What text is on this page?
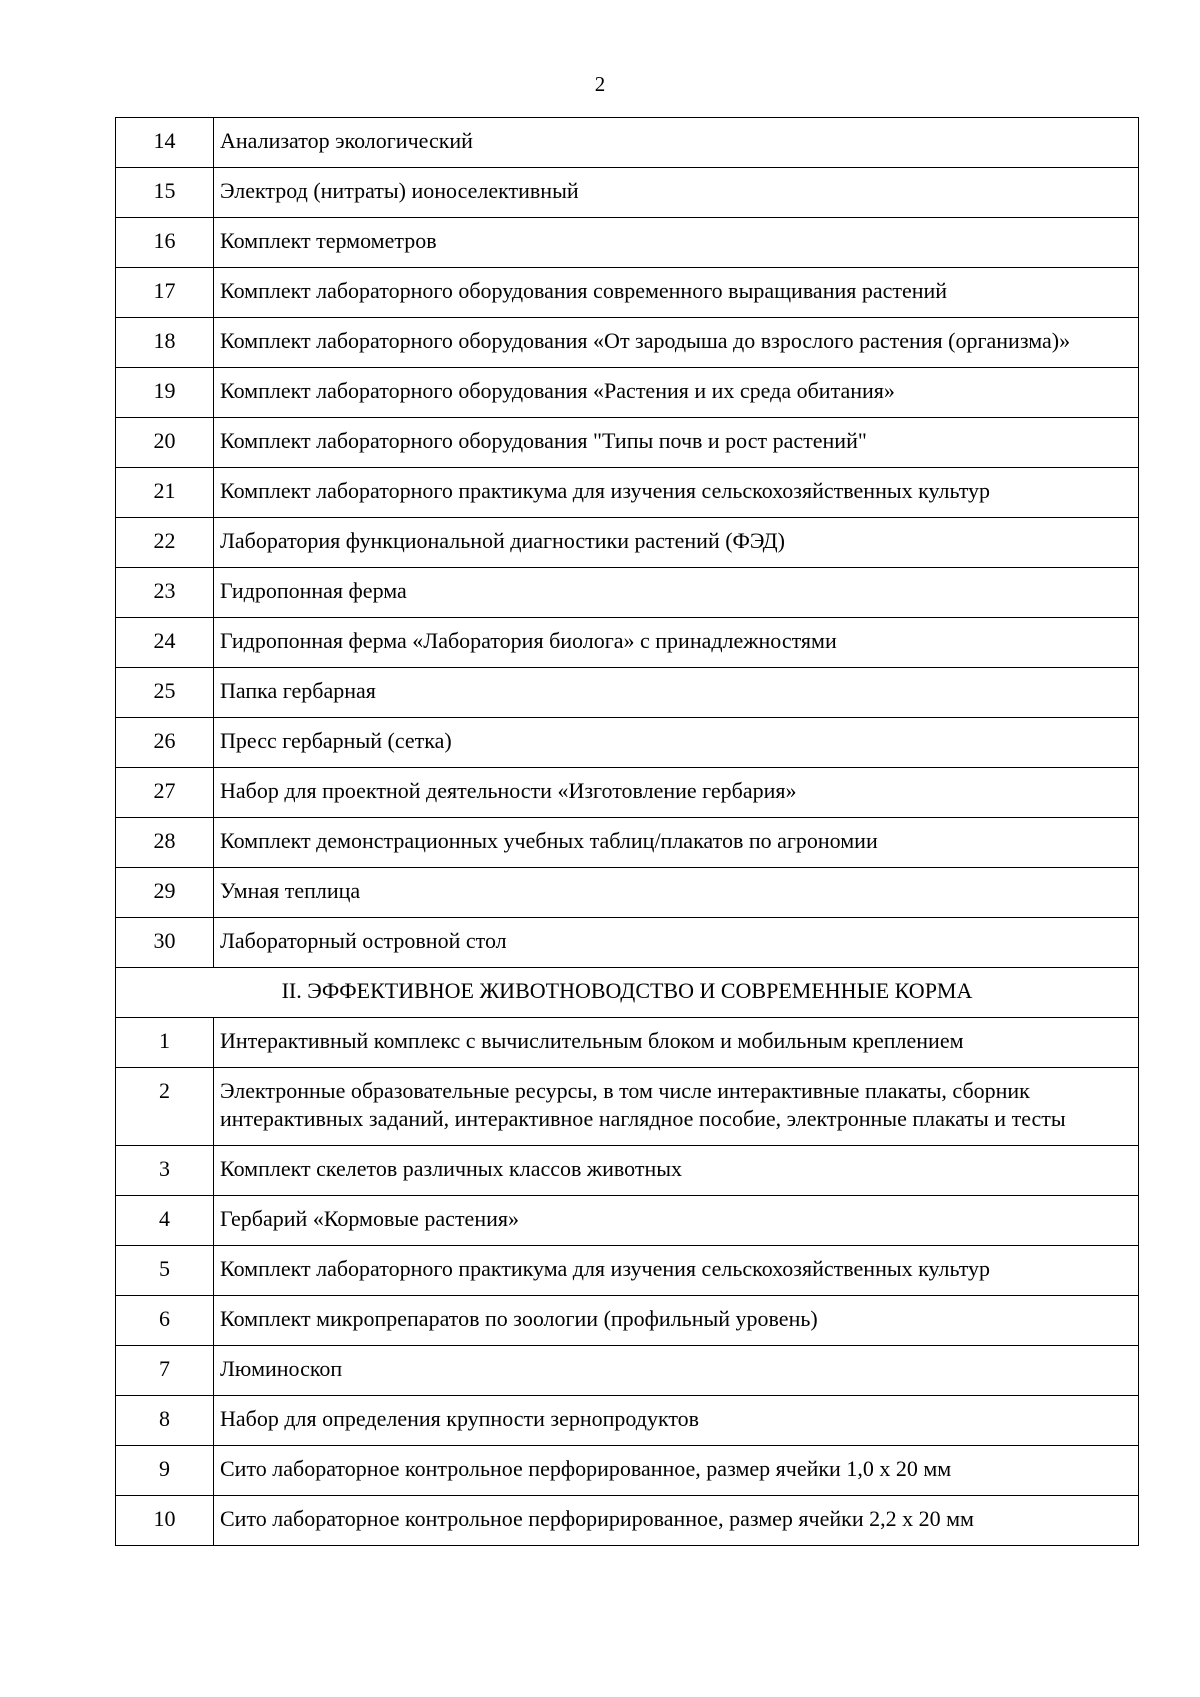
2
14	Анализатор экологический
15	Электрод (нитраты) ионоселективный
16	Комплект термометров
17	Комплект лабораторного оборудования современного выращивания растений
18	Комплект лабораторного оборудования «От зародыша до взрослого растения (организма)»
19	Комплект лабораторного оборудования «Растения и их среда обитания»
20	Комплект лабораторного оборудования "Типы почв и рост растений"
21	Комплект лабораторного практикума для изучения сельскохозяйственных культур
22	Лаборатория функциональной диагностики растений (ФЭД)
23	Гидропонная ферма
24	Гидропонная ферма «Лаборатория биолога» с принадлежностями
25	Папка гербарная
26	Пресс гербарный (сетка)
27	Набор для проектной деятельности «Изготовление гербария»
28	Комплект демонстрационных учебных таблиц/плакатов по агрономии
29	Умная теплица
30	Лабораторный островной стол
II. ЭФФЕКТИВНОЕ ЖИВОТНОВОДСТВО И СОВРЕМЕННЫЕ КОРМА	
1	Интерактивный комплекс с вычислительным блоком и мобильным креплением
2	Электронные образовательные ресурсы, в том числе интерактивные плакаты, сборник интерактивных заданий, интерактивное наглядное пособие, электронные плакаты и тесты
3	Комплект скелетов различных классов животных
4	Гербарий «Кормовые растения»
5	Комплект лабораторного практикума для изучения сельскохозяйственных культур
6	Комплект микропрепаратов по зоологии (профильный уровень)
7	Люминоскоп
8	Набор для определения крупности зернопродуктов
9	Сито лабораторное контрольное перфорированное, размер ячейки 1,0 х 20 мм
10	Сито лабораторное контрольное перфорирированное, размер ячейки 2,2 х 20 мм
